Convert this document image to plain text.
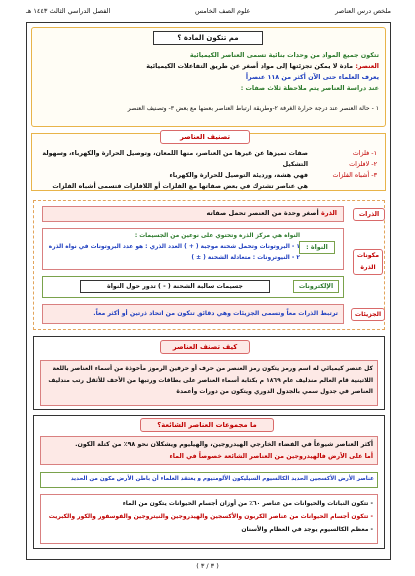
ملخص درس العناصر
علوم الصف الخامس
الفصل الدراسي الثالث ١٤٤٣ هـ
مم تتكون المادة ؟
تتكون جميع المواد من وحدات بنائية تسمى العناصر الكيميائية
العنصر: مادة لا يمكن تجزئتها إلى مواد أصغر عن طريق التفاعلات الكيميائية
يعرف العلماء حتى الآن أكثر من ١١٨ عنصراً
عند دراسة العناصر يتم ملاحظة ثلاث صفات :
١ - حالة العنصر عند درجة حرارة الغرفة ٢-وطريقة ارتباط العناصر بعضها مع بعض ٣- وتصنيف العنصر
تصنيف العناصر
١- فلزات
٢- لافلزات
٣- أشباه الفلزات
صفات تميزها عن غيرها من العناصر، منها اللمعان، وتوصيل الحرارة والكهرباء، وسهولة التشكيل
فهي هشة، ورديئة التوصيل للحرارة والكهرباء
هي عناصر تشترك في بعض صفاتها مع الفلزات أو اللافلزات فتسمى أشباه الفلزات
الذرات
الذرة أصغر وحدة من العنصر تحمل صفاته
مكونات الذرة
النواة :
النواة هي مركز الذرة وتحتوي على نوعين من الجسيمات :
١ - البروتونات وتحمل شحنة موجبة ( + ) العدد الذري : هو عدد البروتونات في نواة الذرة
٢ - النيوترونات : متعادلة الشحنة ( ± )
جسيمات سالبة الشحنة ( - ) تدور حول النواة	الإلكترونات
الجزيئات
ترتبط الذرات معاً وتسمى الجزيئات وهي دقائق تتكون من اتحاد ذرتين أو أكثر معاً.
كيف تصنف العناصر
كل عنصر كيميائي له اسم ورمز يتكون رمز العنصر من حرف أو حرفين الرموز مأخوذة من أسماء العناصر باللغة اللاتينية قام العالم مندليف عام ١٨٦٩ م بكتابة أسماء العناصر على بطاقات ورتبها من الأخف للأثقل رتب مندليف العناصر في جدول سمي بالجدول الدوري ويتكون من دورات وأعمدة
ما مجموعات العناصر الشائعة؟
أكثر العناصر شيوعاً في الفضاء الخارجي الهيدروجين، والهيليوم ويشكلان نحو ٩٨٪ من كتلة الكون.
أما على الأرض فالهيدروجين من العناصر الشائعة خصوصاً في الماء
عناصر الأرض الأكسجين الحديد الكالسيوم السيليكون الألومنيوم و يعتقد العلماء أن باطن الأرض مكون من الحديد
- تتكون النباتات والحيوانات من عناصر ٦٠٪ من أوزان أجسام الحيوانات يتكون من الماء
- تتكون أجسام الحيوانات من عناصر الكربون والأكسجين والهيدروجين والنيتروجين والفوسفور والكور والكبريت
- معظم الكالسيوم يوجد في العظام والأسنان
( ٣ / ٣ )
